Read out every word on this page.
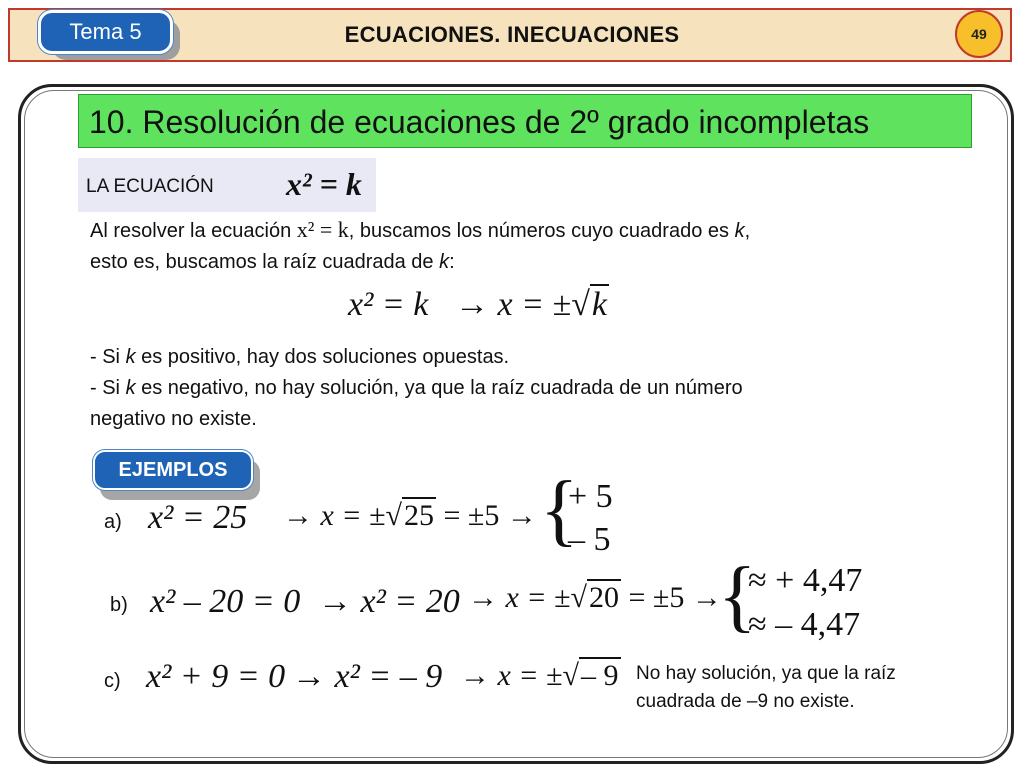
Tema 5	ECUACIONES. INECUACIONES	49
10. Resolución de ecuaciones de 2º grado incompletas
LA ECUACIÓN x² = k
Al resolver la ecuación x² = k, buscamos los números cuyo cuadrado es k,
esto es, buscamos la raíz cuadrada de k:
x² = k → x = ±√k
- Si k es positivo, hay dos soluciones opuestas.
- Si k es negativo, no hay solución, ya que la raíz cuadrada de un número
negativo no existe.
EJEMPLOS
a) x² = 25 → x = ±√25 = ±5 → {
+ 5
– 5
b) x² – 20 = 0 → x² = 20 → x = ±√20 = ±5 →
{
≈ + 4,47
≈ – 4,47
c) x² + 9 = 0 → x² = – 9 → x = ±√– 9 No hay solución, ya que la raíz
cuadrada de –9 no existe.
